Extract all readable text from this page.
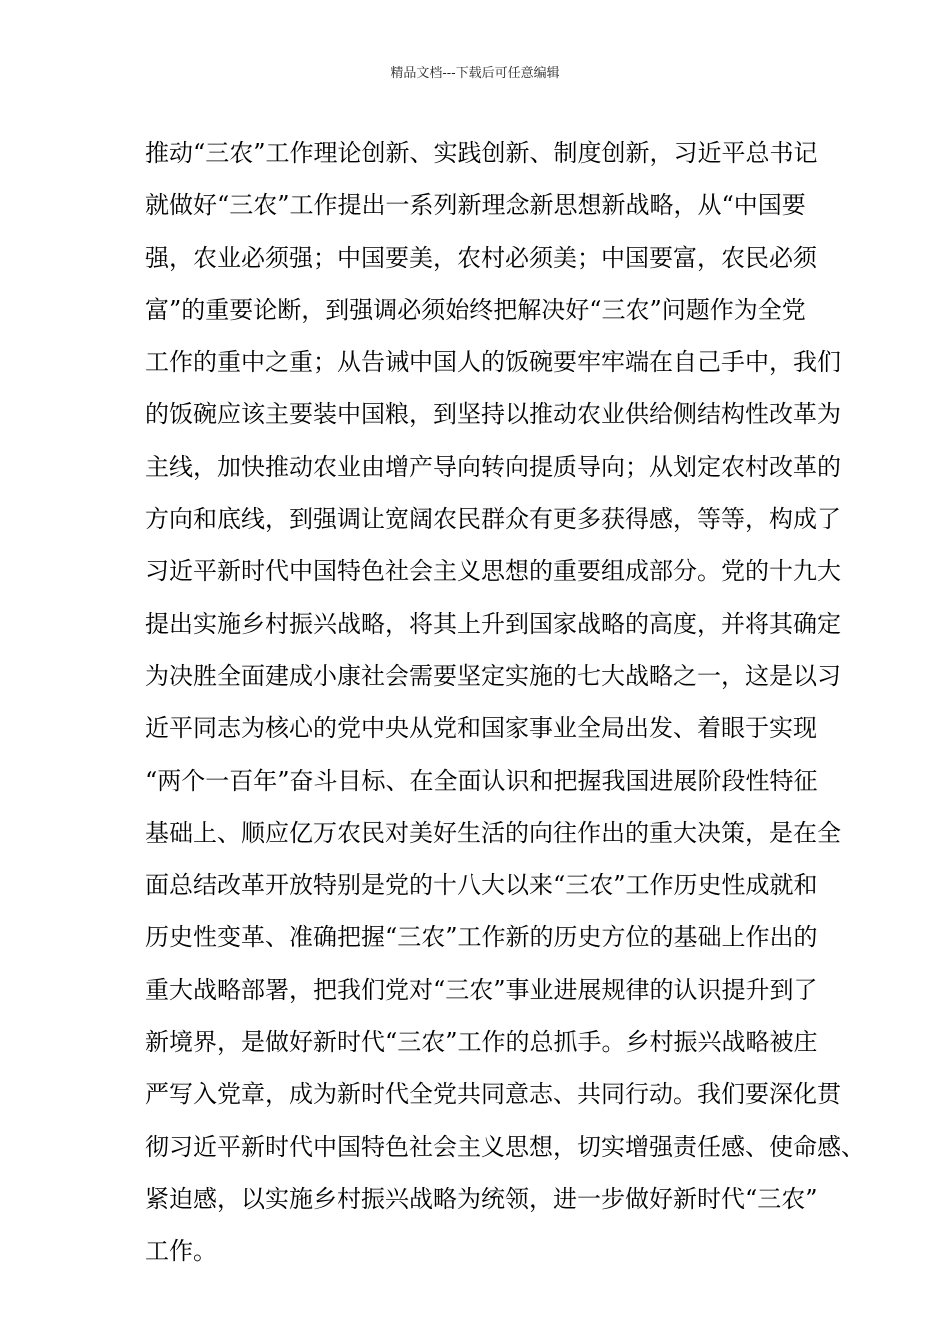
精品文档---下载后可任意编辑
推动“三农”工作理论创新、实践创新、制度创新，习近平总书记
就做好“三农”工作提出一系列新理念新思想新战略，从“中国要
强，农业必须强；中国要美，农村必须美；中国要富，农民必须
富”的重要论断，到强调必须始终把解决好“三农”问题作为全党
工作的重中之重；从告诫中国人的饭碗要牢牢端在自己手中，我们
的饭碗应该主要装中国粮，到坚持以推动农业供给侧结构性改革为
主线，加快推动农业由增产导向转向提质导向；从划定农村改革的
方向和底线，到强调让宽阔农民群众有更多获得感，等等，构成了
习近平新时代中国特色社会主义思想的重要组成部分。党的十九大
提出实施乡村振兴战略，将其上升到国家战略的高度，并将其确定
为决胜全面建成小康社会需要坚定实施的七大战略之一，这是以习
近平同志为核心的党中央从党和国家事业全局出发、着眼于实现
“两个一百年”奋斗目标、在全面认识和把握我国进展阶段性特征
基础上、顺应亿万农民对美好生活的向往作出的重大决策，是在全
面总结改革开放特别是党的十八大以来“三农”工作历史性成就和
历史性变革、准确把握“三农”工作新的历史方位的基础上作出的
重大战略部署，把我们党对“三农”事业进展规律的认识提升到了
新境界，是做好新时代“三农”工作的总抓手。乡村振兴战略被庄
严写入党章，成为新时代全党共同意志、共同行动。我们要深化贯
彻习近平新时代中国特色社会主义思想，切实增强责任感、使命感、
紧迫感，以实施乡村振兴战略为统领，进一步做好新时代“三农”
工作。
